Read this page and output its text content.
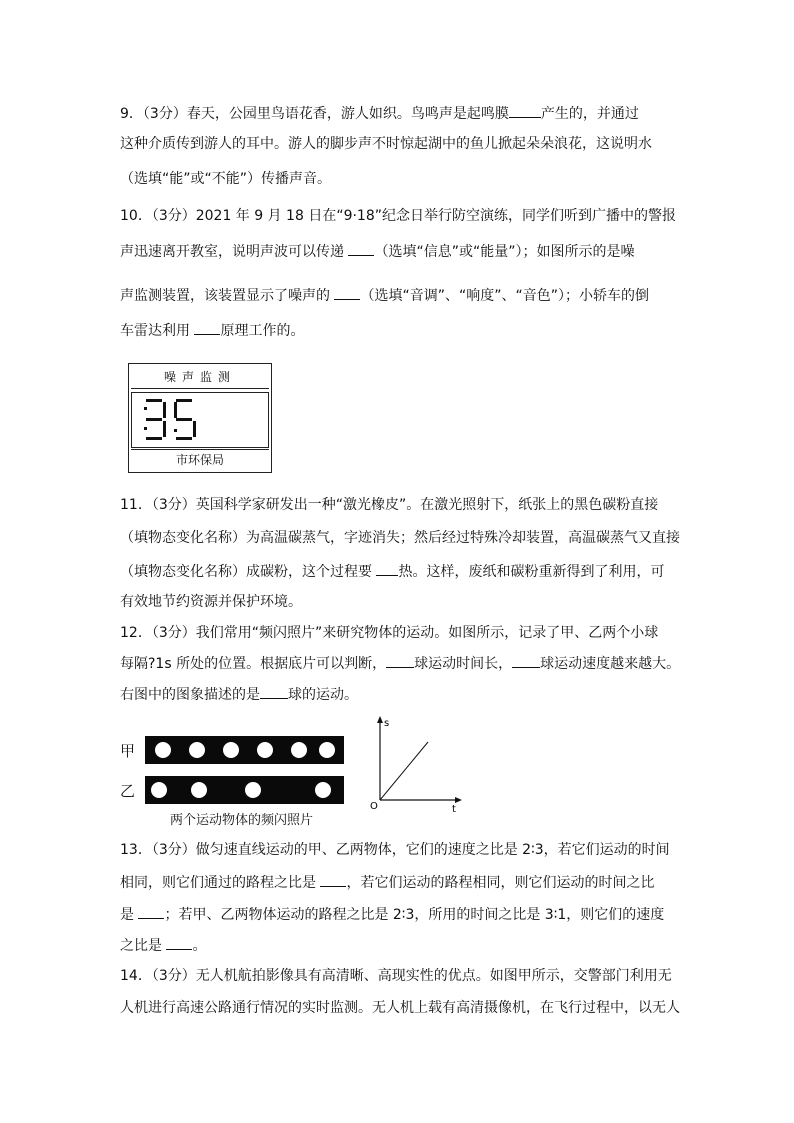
9．（3分）春天，公园里鸟语花香，游人如织。鸟鸣声是起鸣膜 产生的，并通过
这种介质传到游人的耳中。游人的脚步声不时惊起湖中的鱼儿掀起朵朵浪花，这说明水
（选填“能”或“不能”）传播声音。
10．（3分）2021 年 9 月 18 日在“9·18”纪念日举行防空演练，同学们听到广播中的警报
声迅速离开教室，说明声波可以传递 （选填“信息”或“能量”）；如图所示的是噪
声监测装置，该装置显示了噪声的 （选填“音调”、“响度”、“音色”）；小轿车的倒
车雷达利用 原理工作的。
噪声监测
市环保局
11．（3分）英国科学家研发出一种“激光橡皮”。在激光照射下，纸张上的黑色碳粉直接
（填物态变化名称）为高温碳蒸气，字迹消失；然后经过特殊冷却装置，高温碳蒸气又直接
（填物态变化名称）成碳粉，这个过程要 热。这样，废纸和碳粉重新得到了利用，可
有效地节约资源并保护环境。
12．（3分）我们常用“频闪照片”来研究物体的运动。如图所示，记录了甲、乙两个小球
每隔?1s 所处的位置。根据底片可以判断， 球运动时间长， 球运动速度越来越大。
右图中的图象描述的是 球的运动。
甲
乙
两个运动物体的频闪照片
s
t
O
13．（3分）做匀速直线运动的甲、乙两物体，它们的速度之比是 2∶3，若它们运动的时间
相同，则它们通过的路程之比是 ，若它们运动的路程相同，则它们运动的时间之比
是 ；若甲、乙两物体运动的路程之比是 2∶3，所用的时间之比是 3∶1，则它们的速度
之比是 。
14．（3分）无人机航拍影像具有高清晰、高现实性的优点。如图甲所示，交警部门利用无
人机进行高速公路通行情况的实时监测。无人机上载有高清摄像机，在飞行过程中，以无人
